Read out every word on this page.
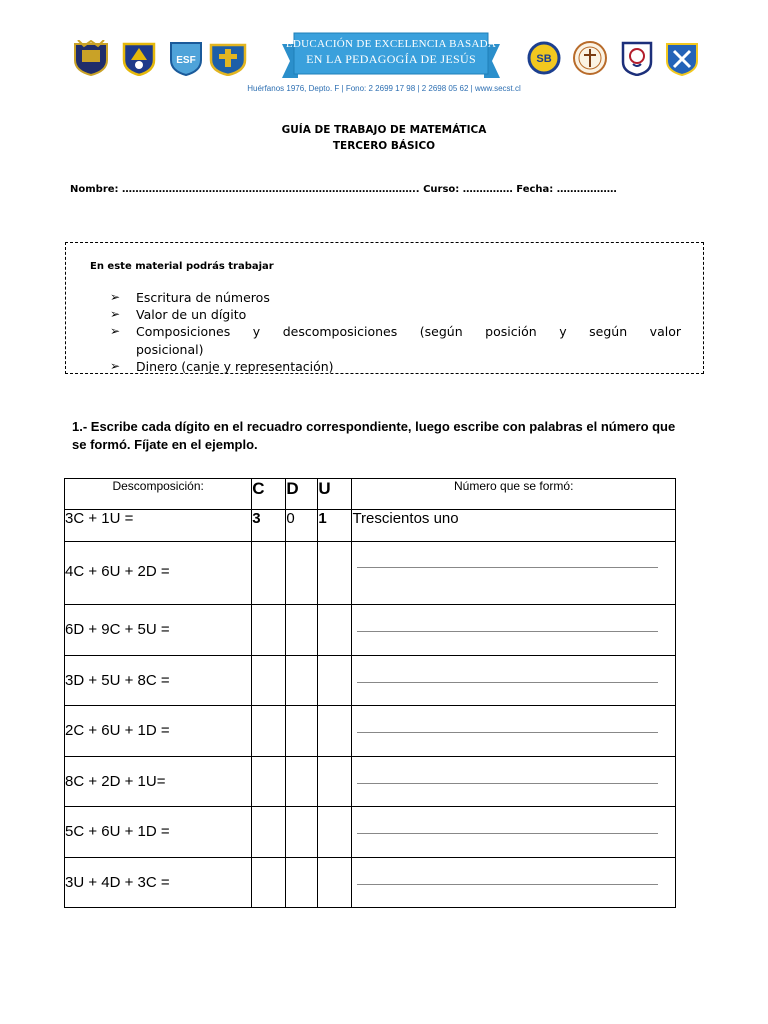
ESF
EDUCACIÓN DE EXCELENCIA BASADA
EN LA PEDAGOGÍA DE JESÚS	SB
Huérfanos 1976, Depto. F | Fono: 2 2699 17 98 | 2 2698 05 62 | www.secst.cl
GUÍA DE TRABAJO DE MATEMÁTICA
TERCERO BÁSICO
Nombre: …………………………………………………………………………….. Curso: …………… Fecha: ………………
En este material podrás trabajar
➢	Escritura de números
➢	Valor de un dígito
➢	Composiciones y descomposiciones (según posición y según valor
posicional)
➢	Dinero (canje y representación)
1.- Escribe cada dígito en el recuadro correspondiente, luego escribe con palabras el número que se formó. Fíjate en el ejemplo.
Descomposición:	C	D	U	Número que se formó:
3C + 1U =	3	0	1	Trescientos uno
4C + 6U + 2D =				

6D + 9C + 5U =				

3D + 5U + 8C =				

2C + 6U + 1D =				

8C + 2D + 1U=				

5C + 6U + 1D =				

3U + 4D + 3C =				
